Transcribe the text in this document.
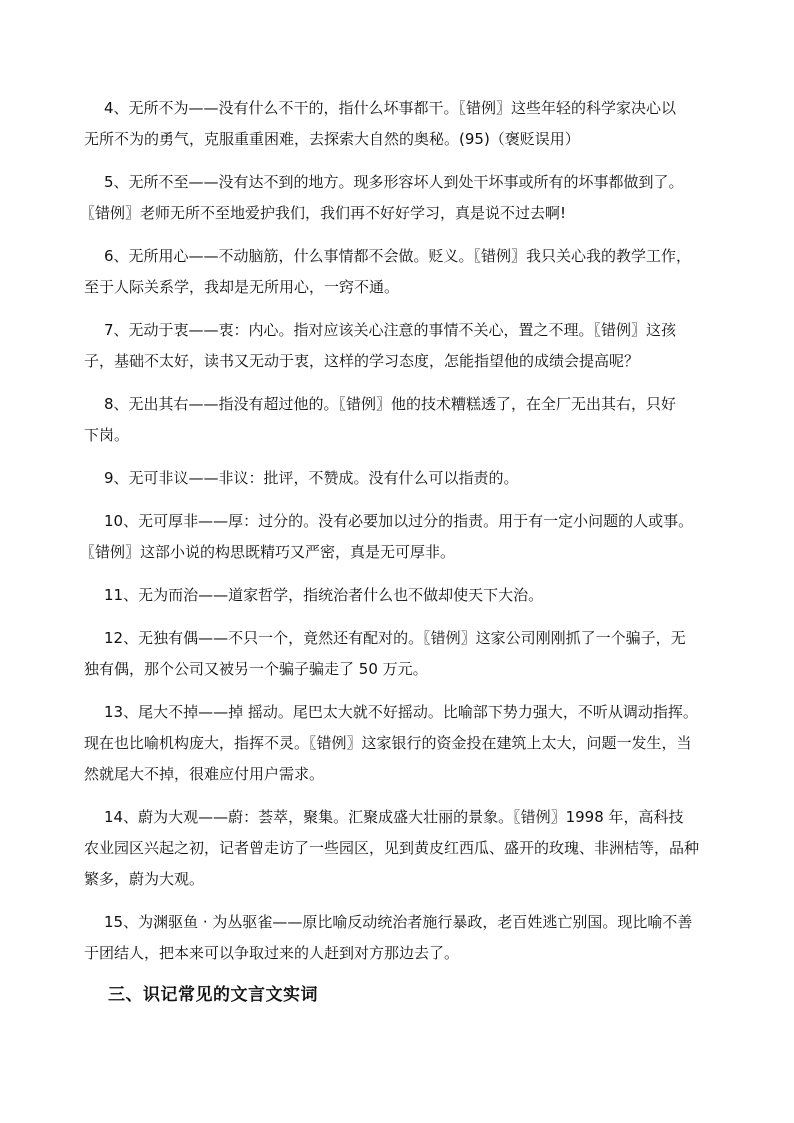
4、无所不为——没有什么不干的，指什么坏事都干。〖错例〗这些年轻的科学家决心以

无所不为的勇气，克服重重困难，去探索大自然的奥秘。(95)（褒贬误用）

5、无所不至——没有达不到的地方。现多形容坏人到处干坏事或所有的坏事都做到了。

〖错例〗老师无所不至地爱护我们，我们再不好好学习，真是说不过去啊!

6、无所用心——不动脑筋，什么事情都不会做。贬义。〖错例〗我只关心我的教学工作，

至于人际关系学，我却是无所用心，一窍不通。

7、无动于衷——衷：内心。指对应该关心注意的事情不关心，置之不理。〖错例〗这孩

子，基础不太好，读书又无动于衷，这样的学习态度，怎能指望他的成绩会提高呢？

8、无出其右——指没有超过他的。〖错例〗他的技术糟糕透了，在全厂无出其右，只好

下岗。

9、无可非议——非议：批评，不赞成。没有什么可以指责的。

10、无可厚非——厚：过分的。没有必要加以过分的指责。用于有一定小问题的人或事。

〖错例〗这部小说的构思既精巧又严密，真是无可厚非。

11、无为而治——道家哲学，指统治者什么也不做却使天下大治。

12、无独有偶——不只一个，竟然还有配对的。〖错例〗这家公司刚刚抓了一个骗子，无

独有偶，那个公司又被另一个骗子骗走了 50 万元。

13、尾大不掉——掉 摇动。尾巴太大就不好摇动。比喻部下势力强大，不听从调动指挥。

现在也比喻机构庞大，指挥不灵。〖错例〗这家银行的资金投在建筑上太大，问题一发生，当

然就尾大不掉，很难应付用户需求。

14、蔚为大观——蔚：荟萃，聚集。汇聚成盛大壮丽的景象。〖错例〗1998 年，高科技

农业园区兴起之初，记者曾走访了一些园区，见到黄皮红西瓜、盛开的玫瑰、非洲桔等，品种

繁多，蔚为大观。

15、为渊驱鱼 · 为丛驱雀——原比喻反动统治者施行暴政，老百姓逃亡别国。现比喻不善

于团结人，把本来可以争取过来的人赶到对方那边去了。

三、识记常见的文言文实词
